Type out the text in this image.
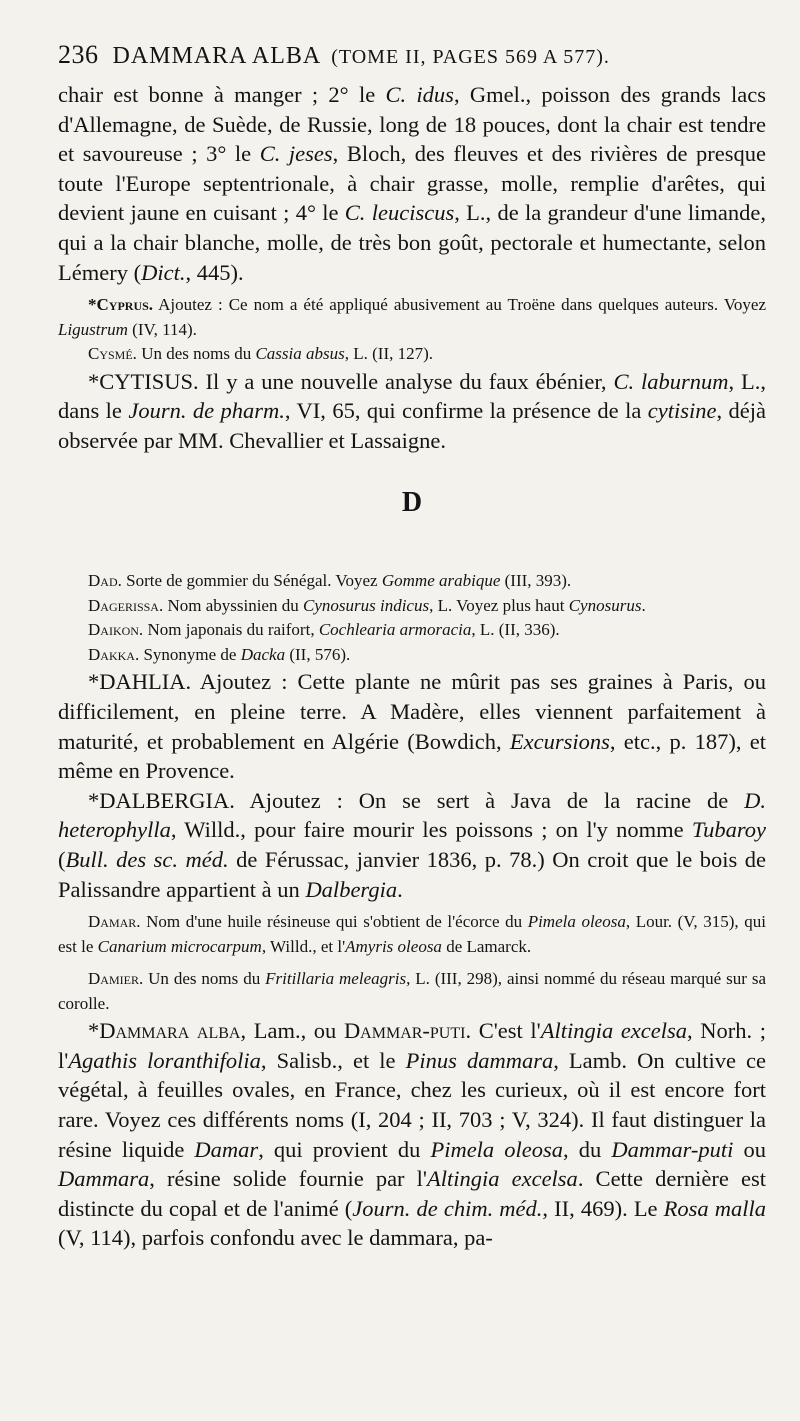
236 DAMMARA ALBA (TOME II, PAGES 569 A 577).

chair est bonne à manger ; 2° le C. idus, Gmel., poisson des grands lacs d'Allemagne, de Suède, de Russie, long de 18 pouces, dont la chair est tendre et savoureuse ; 3° le C. jeses, Bloch, des fleuves et des rivières de presque toute l'Europe septentrionale, à chair grasse, molle, remplie d'arêtes, qui devient jaune en cuisant ; 4° le C. leuciscus, L., de la grandeur d'une limande, qui a la chair blanche, molle, de très bon goût, pectorale et humectante, selon Lémery (Dict., 445).

*Cyprus. Ajoutez : Ce nom a été appliqué abusivement au Troëne dans quelques auteurs. Voyez Ligustrum (IV, 114).

Cysmé. Un des noms du Cassia absus, L. (II, 127).

*CYTISUS. Il y a une nouvelle analyse du faux ébénier, C. laburnum, L., dans le Journ. de pharm., VI, 65, qui confirme la présence de la cytisine, déjà observée par MM. Chevallier et Lassaigne.

D

Dad. Sorte de gommier du Sénégal. Voyez Gomme arabique (III, 393).

Dagerissa. Nom abyssinien du Cynosurus indicus, L. Voyez plus haut Cynosurus.

Daikon. Nom japonais du raifort, Cochlearia armoracia, L. (II, 336).

Dakka. Synonyme de Dacka (II, 576).

*DAHLIA. Ajoutez : Cette plante ne mûrit pas ses graines à Paris, ou difficilement, en pleine terre. A Madère, elles viennent parfaitement à maturité, et probablement en Algérie (Bowdich, Excursions, etc., p. 187), et même en Provence.

*DALBERGIA. Ajoutez : On se sert à Java de la racine de D. heterophylla, Willd., pour faire mourir les poissons ; on l'y nomme Tubaroy (Bull. des sc. méd. de Férussac, janvier 1836, p. 78.) On croit que le bois de Palissandre appartient à un Dalbergia.

Damar. Nom d'une huile résineuse qui s'obtient de l'écorce du Pimela oleosa, Lour. (V, 315), qui est le Canarium microcarpum, Willd., et l'Amyris oleosa de Lamarck.

Damier. Un des noms du Fritillaria meleagris, L. (III, 298), ainsi nommé du réseau marqué sur sa corolle.

*Dammara alba, Lam., ou Dammar-puti. C'est l'Altingia excelsa, Norh. ; l'Agathis loranthifolia, Salisb., et le Pinus dammara, Lamb. On cultive ce végétal, à feuilles ovales, en France, chez les curieux, où il est encore fort rare. Voyez ces différents noms (I, 204 ; II, 703 ; V, 324). Il faut distinguer la résine liquide Damar, qui provient du Pimela oleosa, du Dammar-puti ou Dammara, résine solide fournie par l'Altingia excelsa. Cette dernière est distincte du copal et de l'animé (Journ. de chim. méd., II, 469). Le Rosa malla (V, 114), parfois confondu avec le dammara, pa-
